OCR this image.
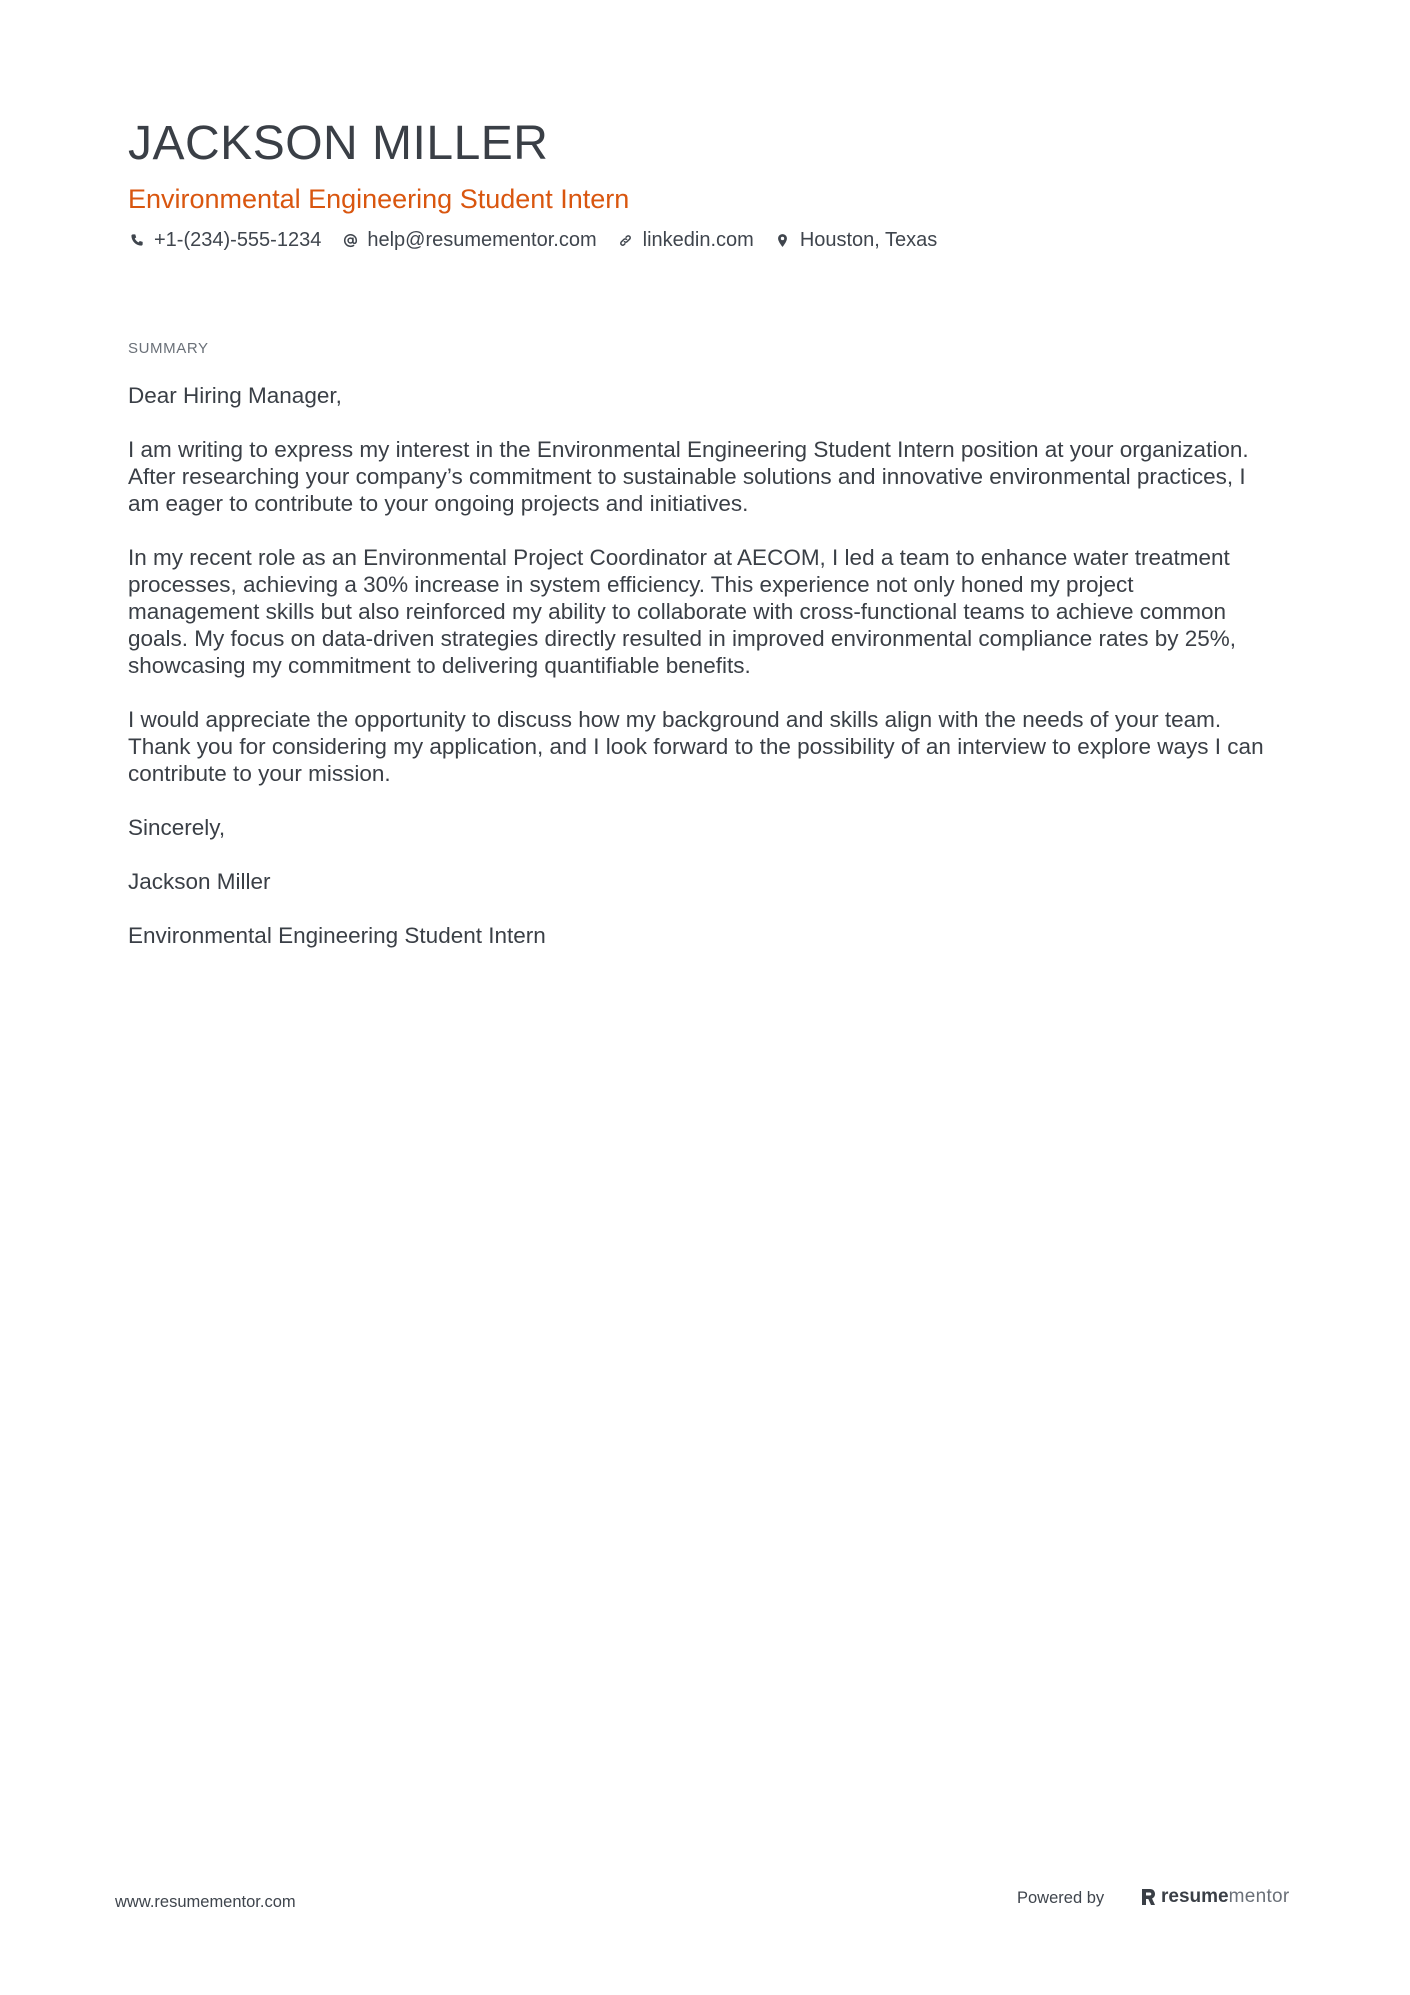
JACKSON MILLER
Environmental Engineering Student Intern
+1-(234)-555-1234 help@resumementor.com linkedin.com Houston, Texas
SUMMARY

Dear Hiring Manager,

I am writing to express my interest in the Environmental Engineering Student Intern position at your organization. After researching your company’s commitment to sustainable solutions and innovative environmental practices, I am eager to contribute to your ongoing projects and initiatives.

In my recent role as an Environmental Project Coordinator at AECOM, I led a team to enhance water treatment processes, achieving a 30% increase in system efficiency. This experience not only honed my project management skills but also reinforced my ability to collaborate with cross-functional teams to achieve common goals. My focus on data-driven strategies directly resulted in improved environmental compliance rates by 25%, showcasing my commitment to delivering quantifiable benefits.

I would appreciate the opportunity to discuss how my background and skills align with the needs of your team. Thank you for considering my application, and I look forward to the possibility of an interview to explore ways I can contribute to your mission.

Sincerely,

Jackson Miller

Environmental Engineering Student Intern

www.resumementor.com	Powered by	resume mentor
